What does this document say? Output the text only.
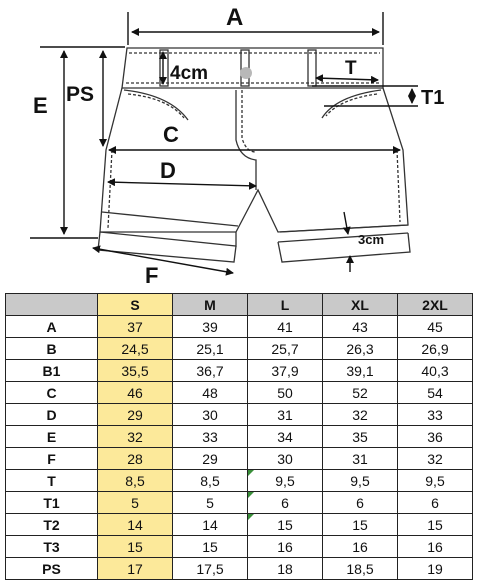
A
E PS
4cm	T
T1
C
D
3cm
F
	S	M	L	XL	2XL
A	37	39	41	43	45
B	24,5	25,1	25,7	26,3	26,9
B1	35,5	36,7	37,9	39,1	40,3
C	46	48	50	52	54
D	29	30	31	32	33
E	32	33	34	35	36
F	28	29	30	31	32
T	8,5	8,5	9,5	9,5	9,5
T1	5	5	6	6	6
T2	14	14	15	15	15
T3	15	15	16	16	16
PS	17	17,5	18	18,5	19
